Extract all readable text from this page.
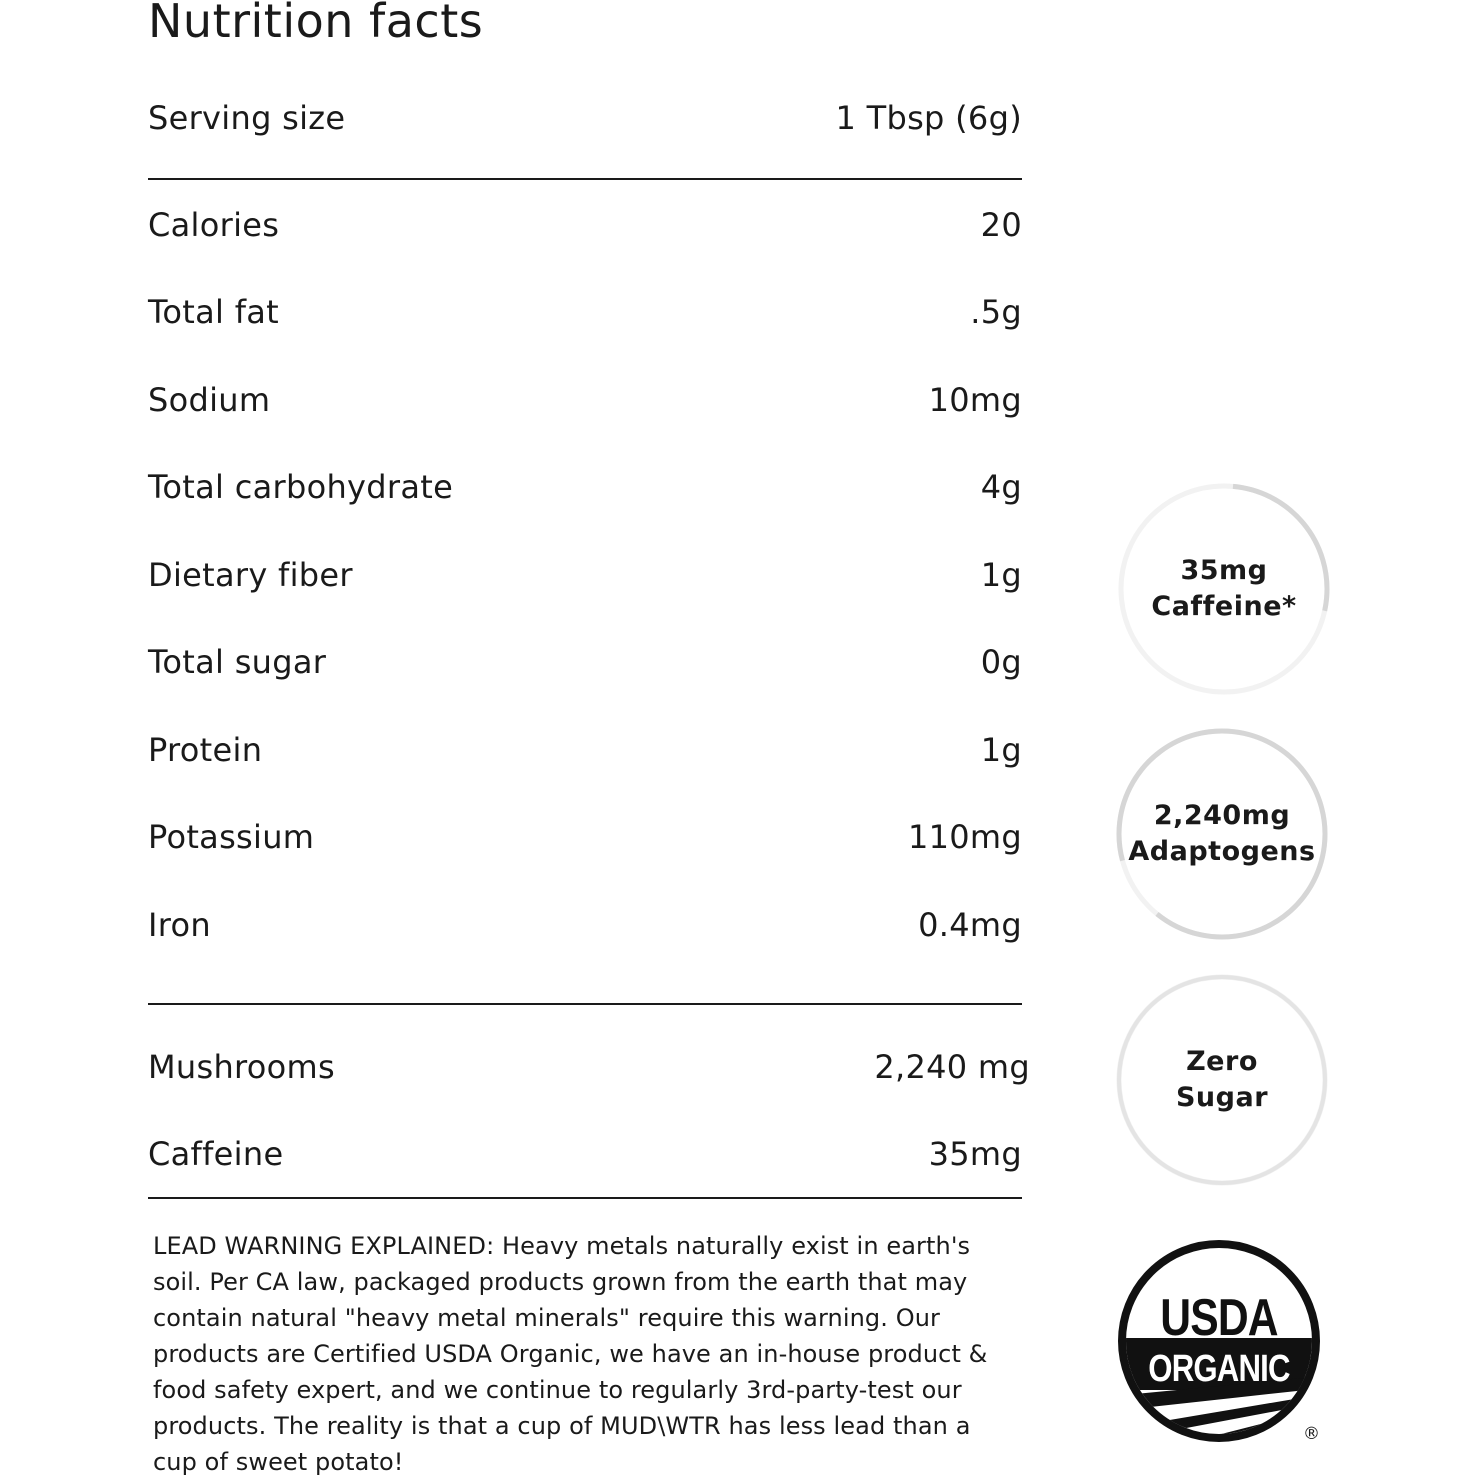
Nutrition facts
Serving size	1 Tbsp (6g)
Calories	20
Total fat	.5g
Sodium	10mg
Total carbohydrate	4g
Dietary fiber	1g
Total sugar	0g
Protein	1g
Potassium	110mg
Iron	0.4mg
Mushrooms	2,240 mg
Caffeine	35mg

LEAD WARNING EXPLAINED: Heavy metals naturally exist in earth's
soil. Per CA law, packaged products grown from the earth that may
contain natural "heavy metal minerals" require this warning. Our
products are Certified USDA Organic, we have an in-house product &
food safety expert, and we continue to regularly 3rd-party-test our
products. The reality is that a cup of MUD\WTR has less lead than a
cup of sweet potato!

35mg
Caffeine*
2,240mg
Adaptogens
Zero
Sugar
USDA
ORGANIC
®
